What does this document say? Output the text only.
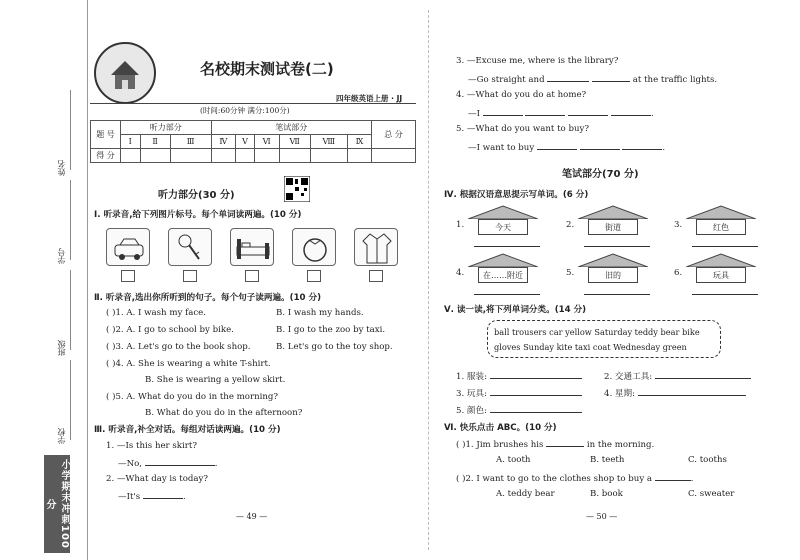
姓名
学号
班级
学校
小学期末冲刺100分
名校期末测试卷(二)
四年级英语上册 · JJ
(时间:60分钟 满分:100分)
题 号	听力部分			笔试部分						总 分
	Ⅰ	Ⅱ	Ⅲ	Ⅳ	Ⅴ	Ⅵ	Ⅶ	Ⅷ	Ⅸ	
得 分										
听力部分(30 分)
Ⅰ. 听录音,给下列图片标号。每个单词读两遍。(10 分)
Ⅱ. 听录音,选出你所听到的句子。每个句子读两遍。(10 分)
( )1. A. I wash my face.	B. I wash my hands.
( )2. A. I go to school by bike.	B. I go to the zoo by taxi.
( )3. A. Let's go to the book shop.	B. Let's go to the toy shop.
( )4. A. She is wearing a white T-shirt.
B. She is wearing a yellow skirt.
( )5. A. What do you do in the morning?
B. What do you do in the afternoon?
Ⅲ. 听录音,补全对话。每组对话读两遍。(10 分)
1. —Is this her skirt?
—No,	.
2. —What day is today?
—It's	.
— 49 —
3. —Excuse me, where is the library?
—Go straight and	at the traffic lights.
4. —What do you do at home?
—I	.
5. —What do you want to buy?
—I want to buy	.
笔试部分(70 分)
Ⅳ. 根据汉语意思提示写单词。(6 分)
1.	今天	2.	街道	3.	红色
4.	在……附近	5.	旧的	6.	玩具
Ⅴ. 读一读,将下列单词分类。(14 分)
ball trousers car yellow Saturday teddy bear bike
gloves Sunday kite taxi coat Wednesday green
1. 服装:	2. 交通工具:
3. 玩具:	4. 星期:
5. 颜色:
Ⅵ. 快乐点击 ABC。(10 分)
( )1. Jim brushes his	in the morning.
A. tooth	B. teeth	C. tooths
( )2. I want to go to the clothes shop to buy a	.
A. teddy bear	B. book	C. sweater
— 50 —
